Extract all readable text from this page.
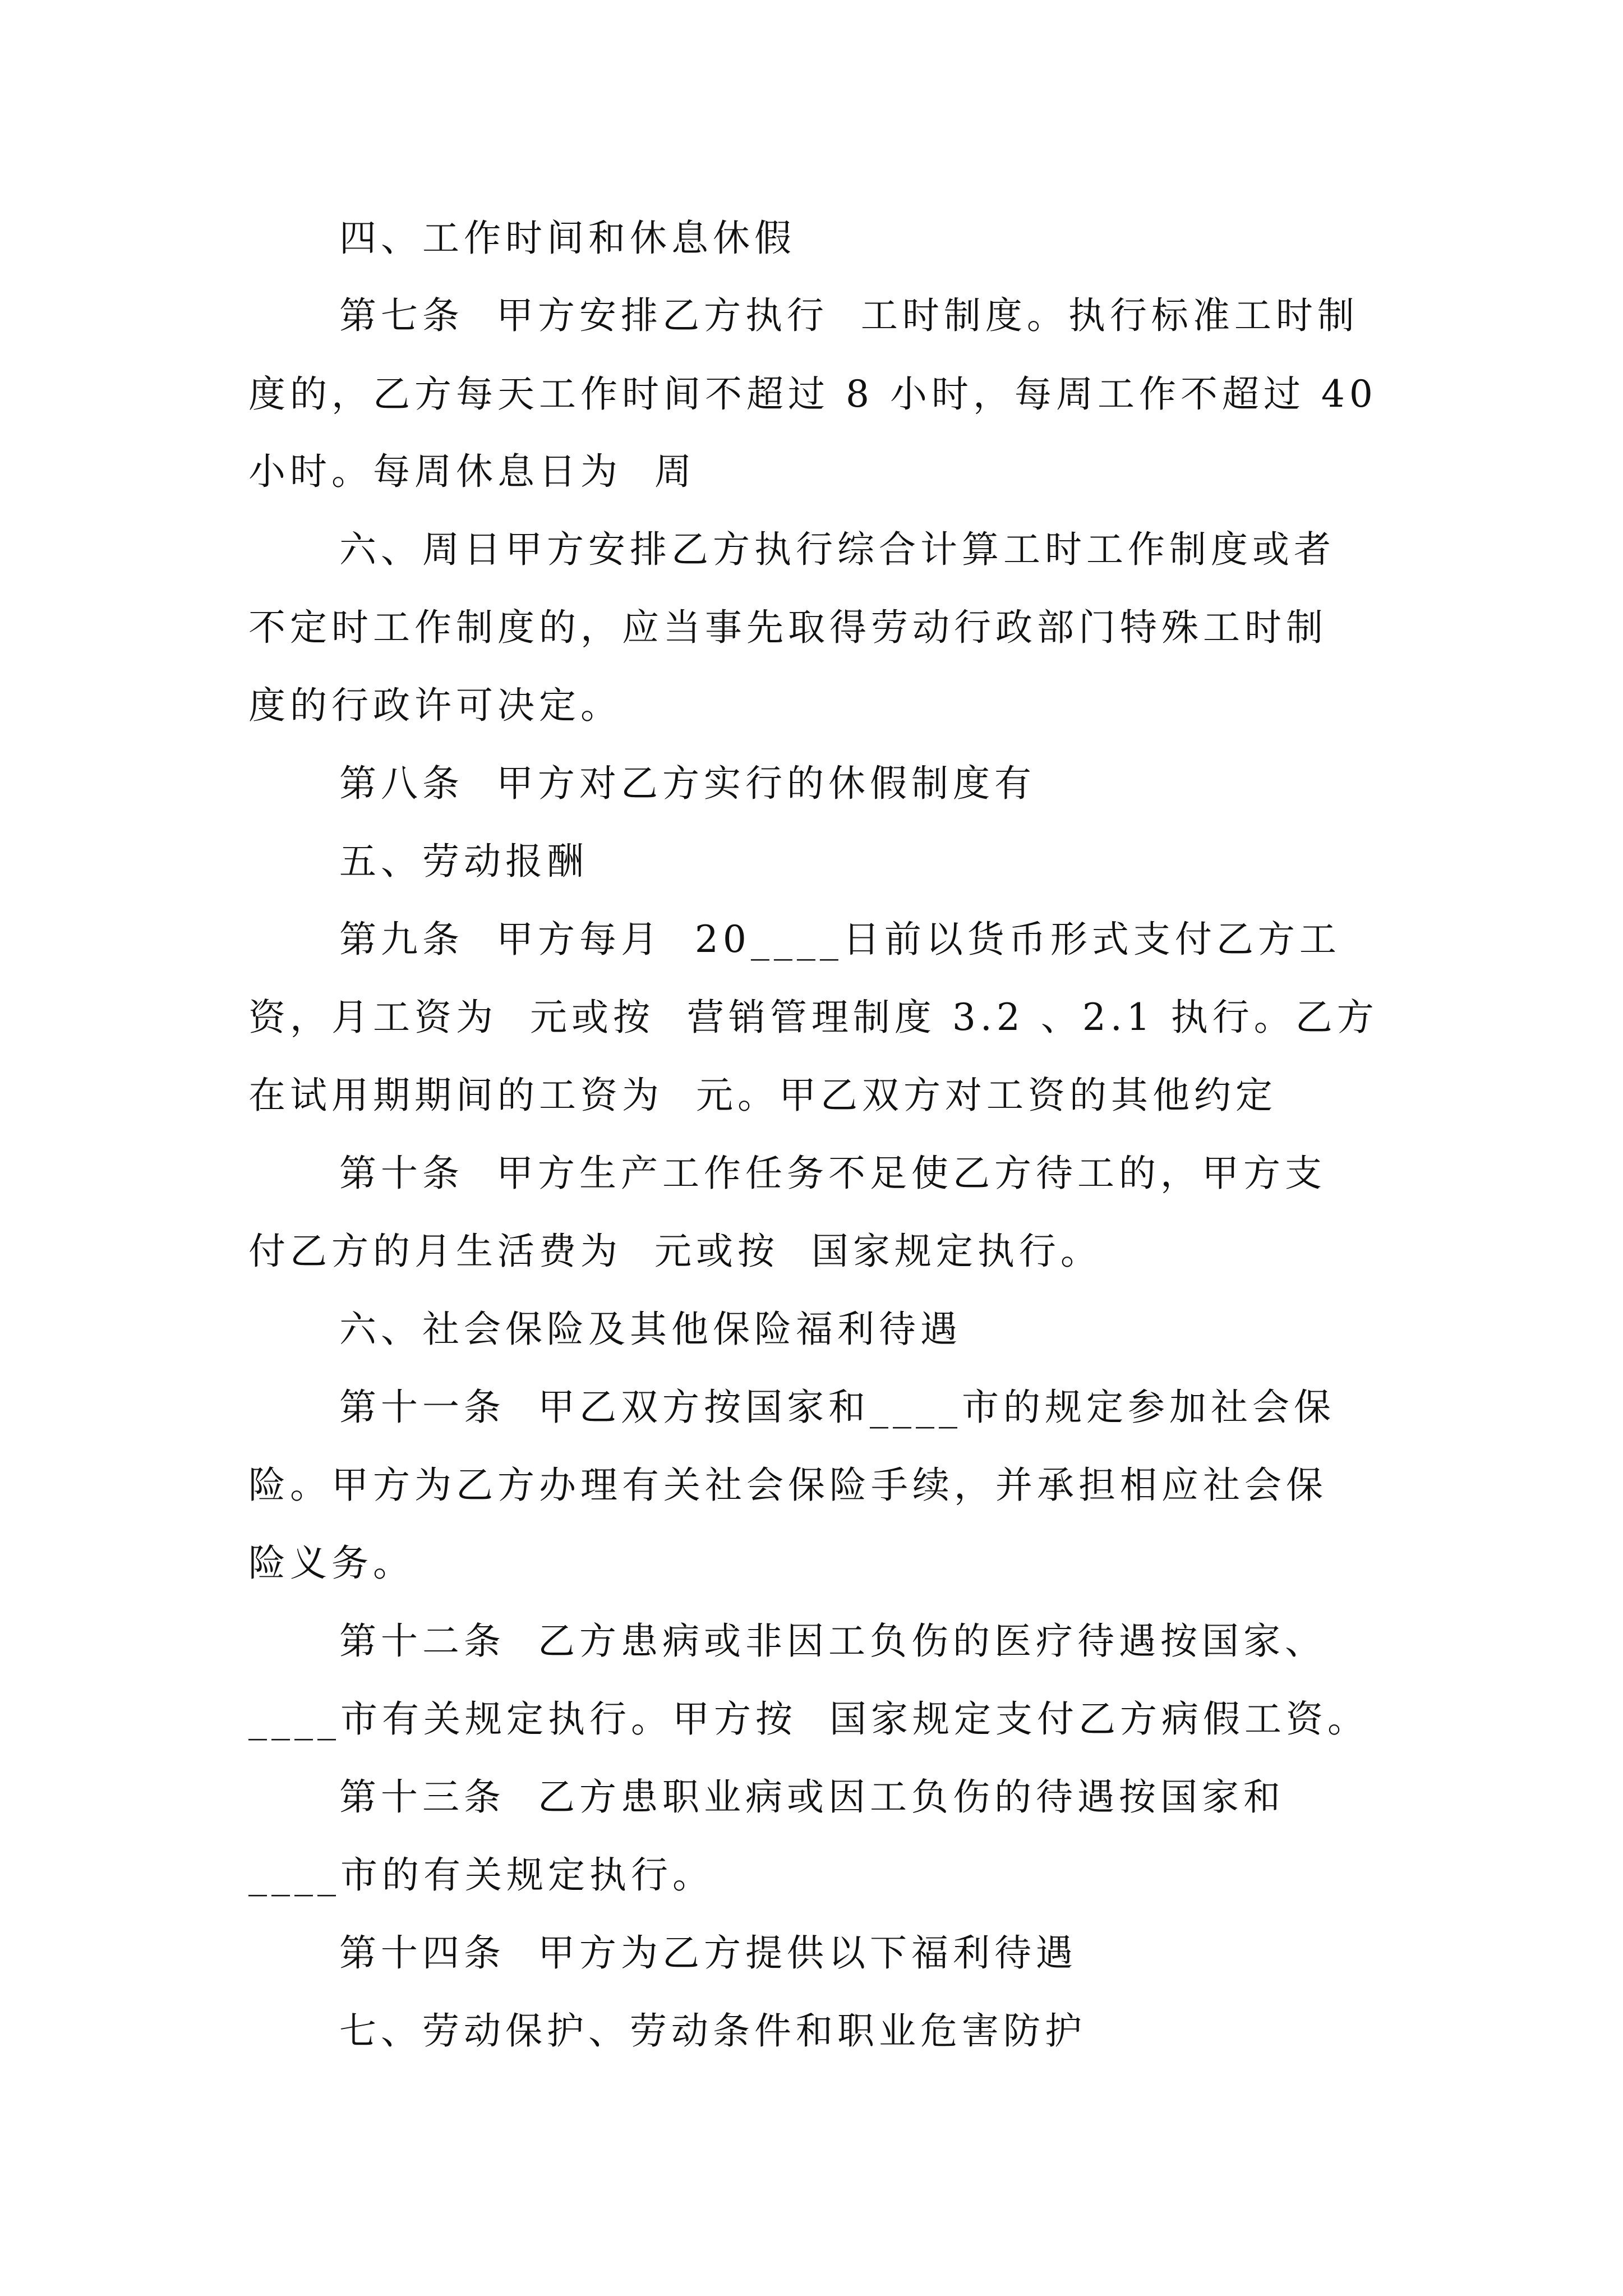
四、工作时间和休息休假

第七条  甲方安排乙方执行  工时制度。执行标准工时制

度的，乙方每天工作时间不超过 8 小时，每周工作不超过 40

小时。每周休息日为  周

六、周日甲方安排乙方执行综合计算工时工作制度或者

不定时工作制度的，应当事先取得劳动行政部门特殊工时制

度的行政许可决定。

第八条  甲方对乙方实行的休假制度有

五、劳动报酬

第九条  甲方每月  20____日前以货币形式支付乙方工

资，月工资为  元或按  营销管理制度 3.2 、2.1 执行。乙方

在试用期期间的工资为  元。甲乙双方对工资的其他约定

第十条  甲方生产工作任务不足使乙方待工的，甲方支

付乙方的月生活费为  元或按  国家规定执行。

六、社会保险及其他保险福利待遇

第十一条  甲乙双方按国家和____市的规定参加社会保

险。甲方为乙方办理有关社会保险手续，并承担相应社会保

险义务。

第十二条  乙方患病或非因工负伤的医疗待遇按国家、

____市有关规定执行。甲方按  国家规定支付乙方病假工资。

第十三条  乙方患职业病或因工负伤的待遇按国家和

____市的有关规定执行。

第十四条  甲方为乙方提供以下福利待遇

七、劳动保护、劳动条件和职业危害防护
